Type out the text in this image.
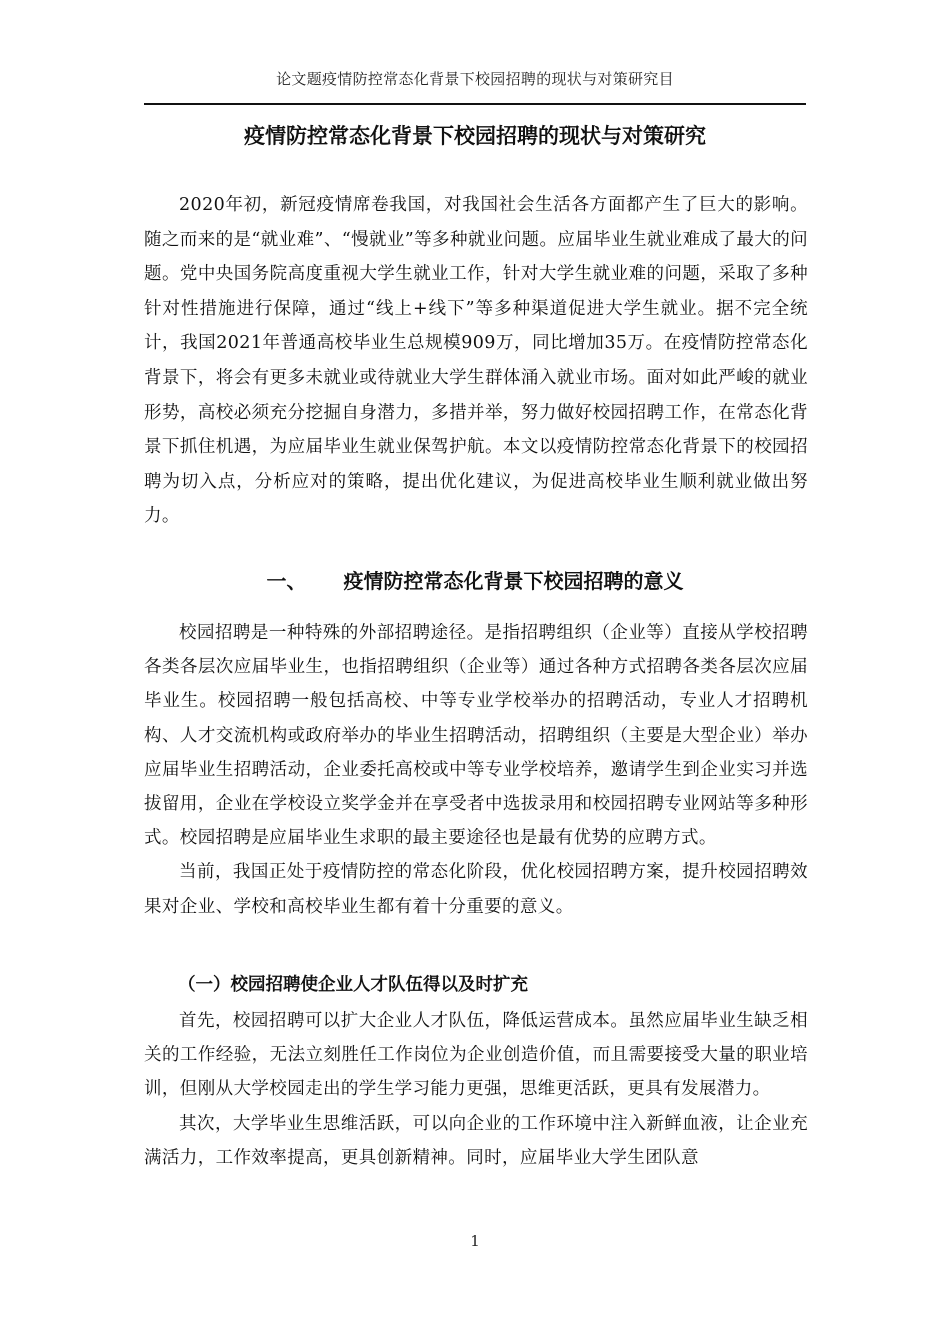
论文题疫情防控常态化背景下校园招聘的现状与对策研究目
疫情防控常态化背景下校园招聘的现状与对策研究

2020年初，新冠疫情席卷我国，对我国社会生活各方面都产生了巨大的影响。随之而来的是“就业难”、“慢就业”等多种就业问题。应届毕业生就业难成了最大的问题。党中央国务院高度重视大学生就业工作，针对大学生就业难的问题，采取了多种针对性措施进行保障，通过“线上+线下”等多种渠道促进大学生就业。据不完全统计，我国2021年普通高校毕业生总规模909万，同比增加35万。在疫情防控常态化背景下，将会有更多未就业或待就业大学生群体涌入就业市场。面对如此严峻的就业形势，高校必须充分挖掘自身潜力，多措并举，努力做好校园招聘工作，在常态化背景下抓住机遇，为应届毕业生就业保驾护航。本文以疫情防控常态化背景下的校园招聘为切入点，分析应对的策略，提出优化建议，为促进高校毕业生顺利就业做出努力。

一、 疫情防控常态化背景下校园招聘的意义

校园招聘是一种特殊的外部招聘途径。是指招聘组织（企业等）直接从学校招聘各类各层次应届毕业生，也指招聘组织（企业等）通过各种方式招聘各类各层次应届毕业生。校园招聘一般包括高校、中等专业学校举办的招聘活动，专业人才招聘机构、人才交流机构或政府举办的毕业生招聘活动，招聘组织（主要是大型企业）举办应届毕业生招聘活动，企业委托高校或中等专业学校培养，邀请学生到企业实习并选拔留用，企业在学校设立奖学金并在享受者中选拔录用和校园招聘专业网站等多种形式。校园招聘是应届毕业生求职的最主要途径也是最有优势的应聘方式。

当前，我国正处于疫情防控的常态化阶段，优化校园招聘方案，提升校园招聘效果对企业、学校和高校毕业生都有着十分重要的意义。

（一）校园招聘使企业人才队伍得以及时扩充

首先，校园招聘可以扩大企业人才队伍，降低运营成本。虽然应届毕业生缺乏相关的工作经验，无法立刻胜任工作岗位为企业创造价值，而且需要接受大量的职业培训，但刚从大学校园走出的学生学习能力更强，思维更活跃，更具有发展潜力。

其次，大学毕业生思维活跃，可以向企业的工作环境中注入新鲜血液，让企业充满活力，工作效率提高，更具创新精神。同时，应届毕业大学生团队意

1
